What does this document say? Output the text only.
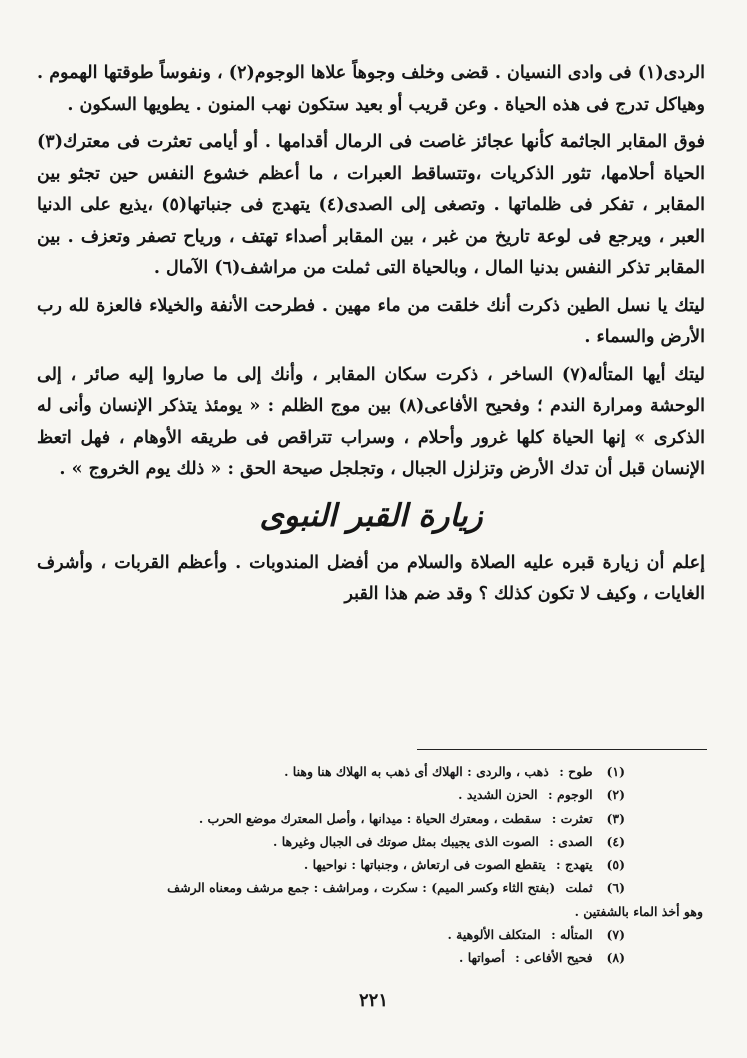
الردى(١) فى وادى النسيان . قضى وخلف وجوهاً علاها الوجوم(٢) ، ونفوساً طوقتها الهموم . وهياكل تدرج فى هذه الحياة . وعن قريب أو بعيد ستكون نهب المنون . يطويها السكون .

فوق المقابر الجاثمة كأنها عجائز غاصت فى الرمال أقدامها . أو أيامى تعثرت فى معترك(٣) الحياة أحلامها، تثور الذكريات ،وتتساقط العبرات ، ما أعظم خشوع النفس حين تجثو بين المقابر ، تفكر فى ظلماتها . وتصغى إلى الصدى(٤) يتهدج فى جنباتها(٥) ،يذيع على الدنيا العبر ، ويرجع فى لوعة تاريخ من غبر ، بين المقابر أصداء تهتف ، ورياح تصفر وتعزف . بين المقابر تذكر النفس بدنيا المال ، وبالحياة التى ثملت من مراشف(٦) الآمال .

ليتك يا نسل الطين ذكرت أنك خلقت من ماء مهين . فطرحت الأنفة والخيلاء فالعزة لله رب الأرض والسماء .

ليتك أيها المتأله(٧) الساخر ، ذكرت سكان المقابر ، وأنك إلى ما صاروا إليه صائر ، إلى الوحشة ومرارة الندم ؛ وفحيح الأفاعى(٨) بين موج الظلم : « يومئذ يتذكر الإنسان وأنى له الذكرى » إنها الحياة كلها غرور وأحلام ، وسراب تتراقص فى طريقه الأوهام ، فهل اتعظ الإنسان قبل أن تدك الأرض وتزلزل الجبال ، وتجلجل صيحة الحق : « ذلك يوم الخروج » .

زيارة القبر النبوى

إعلم أن زيارة قبره عليه الصلاة والسلام من أفضل المندوبات . وأعظم القربات ، وأشرف الغايات ، وكيف لا تكون كذلك ؟ وقد ضم هذا القبر

(١) طوح : ذهب ، والردى : الهلاك أى ذهب به الهلاك هنا وهنا .
(٢) الوجوم : الحزن الشديد .
(٣) تعثرت : سقطت ، ومعترك الحياة : ميدانها ، وأصل المعترك موضع الحرب .
(٤) الصدى : الصوت الذى يجيبك بمثل صوتك فى الجبال وغيرها .
(٥) يتهدج : يتقطع الصوت فى ارتعاش ، وجنباتها : نواحيها .
(٦) ثملت (بفتح الثاء وكسر الميم) : سكرت ، ومراشف : جمع مرشف ومعناه الرشف
وهو أخذ الماء بالشفتين .
(٧) المتأله : المتكلف الألوهية .
(٨) فحيح الأفاعى : أصواتها .
٢٢١
